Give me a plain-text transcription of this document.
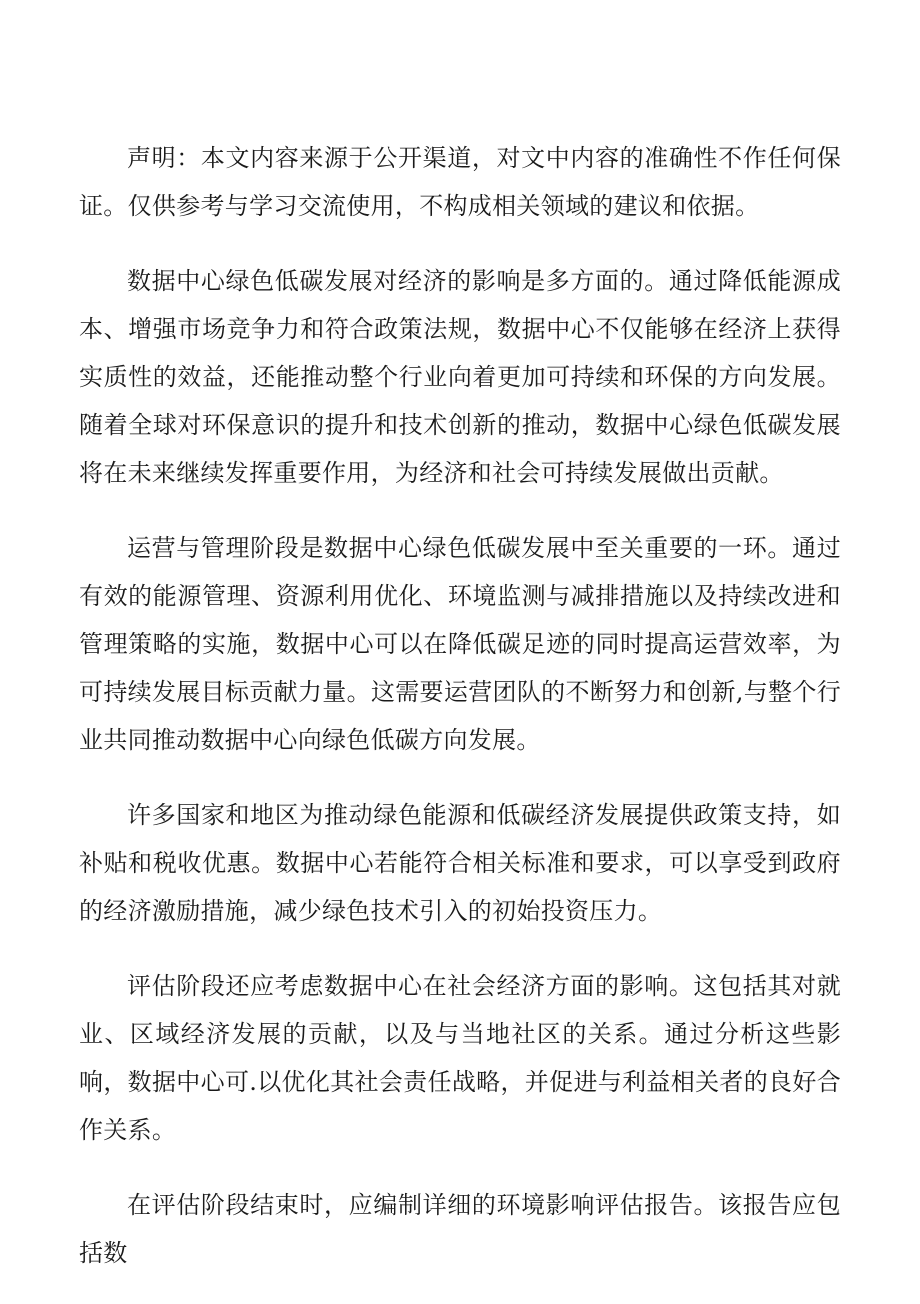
声明：本文内容来源于公开渠道，对文中内容的准确性不作任何保证。仅供参考与学习交流使用，不构成相关领域的建议和依据。

数据中心绿色低碳发展对经济的影响是多方面的。通过降低能源成本、增强市场竞争力和符合政策法规，数据中心不仅能够在经济上获得实质性的效益，还能推动整个行业向着更加可持续和环保的方向发展。随着全球对环保意识的提升和技术创新的推动，数据中心绿色低碳发展将在未来继续发挥重要作用，为经济和社会可持续发展做出贡献。

运营与管理阶段是数据中心绿色低碳发展中至关重要的一环。通过有效的能源管理、资源利用优化、环境监测与减排措施以及持续改进和管理策略的实施，数据中心可以在降低碳足迹的同时提高运营效率，为可持续发展目标贡献力量。这需要运营团队的不断努力和创新,与整个行业共同推动数据中心向绿色低碳方向发展。

许多国家和地区为推动绿色能源和低碳经济发展提供政策支持，如补贴和税收优惠。数据中心若能符合相关标准和要求，可以享受到政府的经济激励措施，减少绿色技术引入的初始投资压力。

评估阶段还应考虑数据中心在社会经济方面的影响。这包括其对就业、区域经济发展的贡献，以及与当地社区的关系。通过分析这些影响，数据中心可.以优化其社会责任战略，并促进与利益相关者的良好合作关系。

在评估阶段结束时，应编制详细的环境影响评估报告。该报告应包括数
